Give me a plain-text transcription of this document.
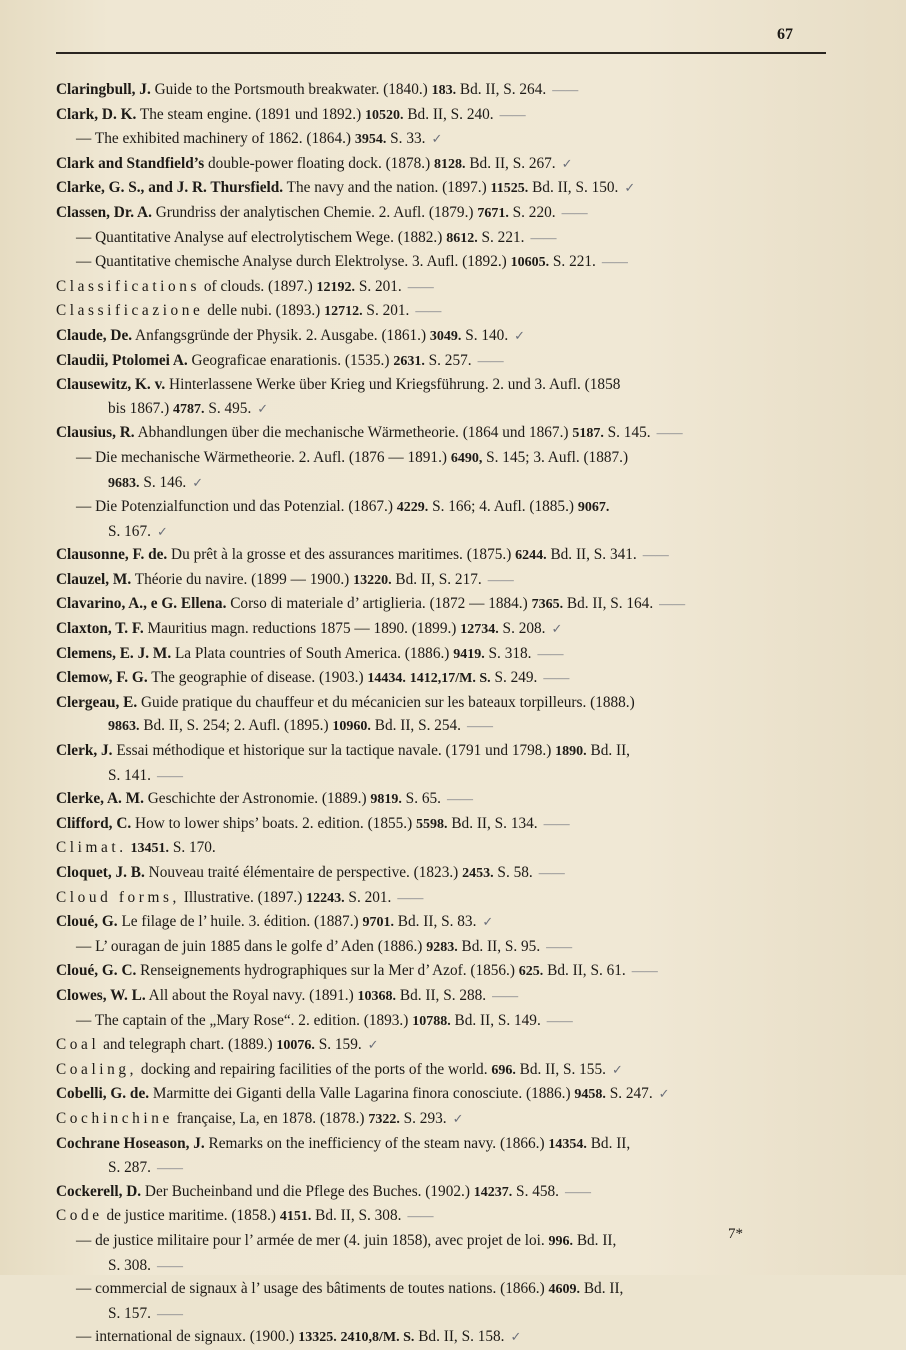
67
Claringbull, J. Guide to the Portsmouth breakwater. (1840.) 183. Bd. II, S. 264. ——
Clark, D. K. The steam engine. (1891 und 1892.) 10520. Bd. II, S. 240. ——
— The exhibited machinery of 1862. (1864.) 3954. S. 33. ✓
Clark and Standfield’s double-power floating dock. (1878.) 8128. Bd. II, S. 267. ✓
Clarke, G. S., and J. R. Thursfield. The navy and the nation. (1897.) 11525. Bd. II, S. 150. ✓
Classen, Dr. A. Grundriss der analytischen Chemie. 2. Aufl. (1879.) 7671. S. 220. ——
— Quantitative Analyse auf electrolytischem Wege. (1882.) 8612. S. 221. ——
— Quantitative chemische Analyse durch Elektrolyse. 3. Aufl. (1892.) 10605. S. 221. ——
Classifications of clouds. (1897.) 12192. S. 201. ——
Classificazione delle nubi. (1893.) 12712. S. 201. ——
Claude, De. Anfangsgründe der Physik. 2. Ausgabe. (1861.) 3049. S. 140. ✓
Claudii, Ptolomei A. Geograficae enarationis. (1535.) 2631. S. 257. ——
Clausewitz, K. v. Hinterlassene Werke über Krieg und Kriegsführung. 2. und 3. Aufl. (1858
bis 1867.) 4787. S. 495. ✓
Clausius, R. Abhandlungen über die mechanische Wärmetheorie. (1864 und 1867.) 5187. S. 145. ——
— Die mechanische Wärmetheorie. 2. Aufl. (1876 — 1891.) 6490, S. 145; 3. Aufl. (1887.)
9683. S. 146. ✓
— Die Potenzialfunction und das Potenzial. (1867.) 4229. S. 166; 4. Aufl. (1885.) 9067.
S. 167. ✓
Clausonne, F. de. Du prêt à la grosse et des assurances maritimes. (1875.) 6244. Bd. II, S. 341. ——
Clauzel, M. Théorie du navire. (1899 — 1900.) 13220. Bd. II, S. 217. ——
Clavarino, A., e G. Ellena. Corso di materiale d’ artiglieria. (1872 — 1884.) 7365. Bd. II, S. 164. ——
Claxton, T. F. Mauritius magn. reductions 1875 — 1890. (1899.) 12734. S. 208. ✓
Clemens, E. J. M. La Plata countries of South America. (1886.) 9419. S. 318. ——
Clemow, F. G. The geographie of disease. (1903.) 14434. 1412,17/M. S. S. 249. ——
Clergeau, E. Guide pratique du chauffeur et du mécanicien sur les bateaux torpilleurs. (1888.)
9863. Bd. II, S. 254; 2. Aufl. (1895.) 10960. Bd. II, S. 254. ——
Clerk, J. Essai méthodique et historique sur la tactique navale. (1791 und 1798.) 1890. Bd. II,
S. 141. ——
Clerke, A. M. Geschichte der Astronomie. (1889.) 9819. S. 65. ——
Clifford, C. How to lower ships’ boats. 2. edition. (1855.) 5598. Bd. II, S. 134. ——
Climat. 13451. S. 170.
Cloquet, J. B. Nouveau traité élémentaire de perspective. (1823.) 2453. S. 58. ——
Cloud forms, Illustrative. (1897.) 12243. S. 201. ——
Cloué, G. Le filage de l’ huile. 3. édition. (1887.) 9701. Bd. II, S. 83. ✓
— L’ ouragan de juin 1885 dans le golfe d’ Aden (1886.) 9283. Bd. II, S. 95. ——
Cloué, G. C. Renseignements hydrographiques sur la Mer d’ Azof. (1856.) 625. Bd. II, S. 61. ——
Clowes, W. L. All about the Royal navy. (1891.) 10368. Bd. II, S. 288. ——
— The captain of the „Mary Rose“. 2. edition. (1893.) 10788. Bd. II, S. 149. ——
Coal and telegraph chart. (1889.) 10076. S. 159. ✓
Coaling, docking and repairing facilities of the ports of the world. 696. Bd. II, S. 155. ✓
Cobelli, G. de. Marmitte dei Giganti della Valle Lagarina finora conosciute. (1886.) 9458. S. 247. ✓
Cochinchine française, La, en 1878. (1878.) 7322. S. 293. ✓
Cochrane Hoseason, J. Remarks on the inefficiency of the steam navy. (1866.) 14354. Bd. II,
S. 287. ——
Cockerell, D. Der Bucheinband und die Pflege des Buches. (1902.) 14237. S. 458. ——
Code de justice maritime. (1858.) 4151. Bd. II, S. 308. ——
— de justice militaire pour l’ armée de mer (4. juin 1858), avec projet de loi. 996. Bd. II,
S. 308. ——
— commercial de signaux à l’ usage des bâtiments de toutes nations. (1866.) 4609. Bd. II,
S. 157. ——
— international de signaux. (1900.) 13325. 2410,8/M. S. Bd. II, S. 158. ✓
7*
